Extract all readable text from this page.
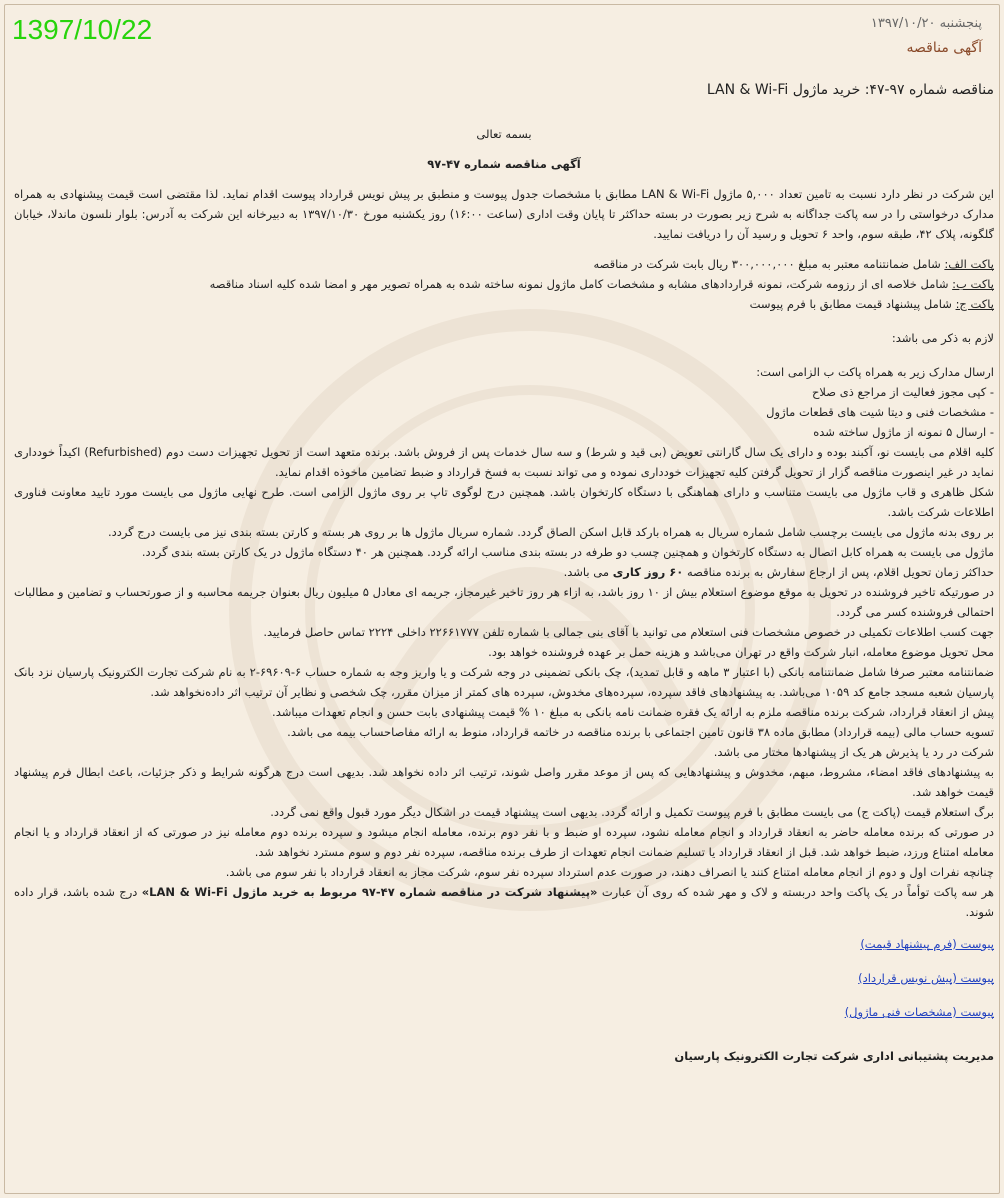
1397/10/22	پنجشنبه ۱۳۹۷/۱۰/۲۰
آگهی مناقصه
مناقصه شماره ۹۷-۴۷: خرید ماژول LAN & Wi-Fi

بسمه تعالی

آگهی مناقصه شماره ۴۷-۹۷

این شرکت در نظر دارد نسبت به تامین تعداد ۵,۰۰۰ ماژول LAN & Wi-Fi مطابق با مشخصات جدول پیوست و منطبق بر پیش نویس قرارداد پیوست اقدام نماید. لذا مقتضی است قیمت پیشنهادی به همراه مدارک درخواستی را در سه پاکت جداگانه به شرح زیر بصورت در بسته حداکثر تا پایان وقت اداری (ساعت ۱۶:۰۰) روز یکشنبه مورخ ۱۳۹۷/۱۰/۳۰ به دبیرخانه این شرکت به آدرس: بلوار نلسون ماندلا، خیابان گلگونه، پلاک ۴۲، طبقه سوم، واحد ۶ تحویل و رسید آن را دریافت نمایید.

پاکت الف: شامل ضمانتنامه معتبر به مبلغ ۳۰۰,۰۰۰,۰۰۰ ریال بابت شرکت در مناقصه

پاکت ب: شامل خلاصه ای از رزومه شرکت، نمونه قراردادهای مشابه و مشخصات کامل ماژول نمونه ساخته شده به همراه تصویر مهر و امضا شده کلیه اسناد مناقصه

پاکت ج: شامل پیشنهاد قیمت مطابق با فرم پیوست

لازم به ذکر می باشد:

ارسال مدارک زیر به همراه پاکت ب الزامی است:

- کپی مجوز فعالیت از مراجع ذی صلاح

- مشخصات فنی و دیتا شیت های قطعات ماژول

- ارسال ۵ نمونه از ماژول ساخته شده

کلیه اقلام می بایست نو، آکبند بوده و دارای یک سال گارانتی تعویض (بی قید و شرط) و سه سال خدمات پس از فروش باشد. برنده متعهد است از تحویل تجهیزات دست دوم (Refurbished) اکیداً خودداری نماید در غیر اینصورت مناقصه گزار از تحویل گرفتن کلیه تجهیزات خودداری نموده و می تواند نسبت به فسخ قرارداد و ضبط تضامین ماخوذه اقدام نماید.

شکل ظاهری و قاب ماژول می بایست متناسب و دارای هماهنگی با دستگاه کارتخوان باشد. همچنین درج لوگوی تاپ بر روی ماژول الزامی است. طرح نهایی ماژول می بایست مورد تایید معاونت فناوری اطلاعات شرکت باشد.

بر روی بدنه ماژول می بایست برچسب شامل شماره سریال به همراه بارکد قابل اسکن الصاق گردد. شماره سریال ماژول ها بر روی هر بسته و کارتن بسته بندی نیز می بایست درج گردد.

ماژول می بایست به همراه کابل اتصال به دستگاه کارتخوان و همچنین چسب دو طرفه در بسته بندی مناسب ارائه گردد. همچنین هر ۴۰ دستگاه ماژول در یک کارتن بسته بندی گردد.

حداکثر زمان تحویل اقلام، پس از ارجاع سفارش به برنده مناقصه ۶۰ روز کاری می باشد.

در صورتیکه تاخیر فروشنده در تحویل به موقع موضوع استعلام بیش از ۱۰ روز باشد، به ازاء هر روز تاخیر غیرمجاز، جریمه ای معادل ۵ میلیون ریال بعنوان جریمه محاسبه و از صورتحساب و تضامین و مطالبات احتمالی فروشنده کسر می گردد.

جهت کسب اطلاعات تکمیلی در خصوص مشخصات فنی استعلام می توانید با آقای بنی جمالی با شماره تلفن ۲۲۶۶۱۷۷۷ داخلی ۲۲۲۴ تماس حاصل فرمایید.

محل تحویل موضوع معامله، انبار شرکت واقع در تهران می‌باشد و هزینه حمل بر عهده فروشنده خواهد بود.

ضمانتنامه معتبر صرفا شامل ضمانتنامه بانکی (با اعتبار ۳ ماهه و قابل تمدید)، چک بانکی تضمینی در وجه شرکت و یا واریز وجه به شماره حساب ۶-۶۹۶۰۹-۲ به نام شرکت تجارت الکترونیک پارسیان نزد بانک پارسیان شعبه مسجد جامع کد ۱۰۵۹ می‌باشد. به پیشنهادهای فاقد سپرده، سپرده‌های مخدوش، سپرده های کمتر از میزان مقرر، چک شخصی و نظایر آن ترتیب اثر داده‌نخواهد شد.

پیش از انعقاد قرارداد، شرکت برنده مناقصه ملزم به ارائه یک فقره ضمانت نامه بانکی به مبلغ ۱۰ % قیمت پیشنهادی بابت حسن و انجام تعهدات میباشد.

تسویه حساب مالی (بیمه قرارداد) مطابق ماده ۳۸ قانون تامین اجتماعی با برنده مناقصه در خاتمه قرارداد، منوط به ارائه مفاصاحساب بیمه می باشد.

شرکت در رد یا پذیرش هر یک از پیشنهادها مختار می باشد.

به پیشنهادهای فاقد امضاء، مشروط، مبهم، مخدوش و پیشنهادهایی که پس از موعد مقرر واصل شوند، ترتیب اثر داده نخواهد شد. بدیهی است درج هرگونه شرایط و ذکر جزئیات، باعث ابطال فرم پیشنهاد قیمت خواهد شد.

برگ استعلام قیمت (پاکت ج) می بایست مطابق با فرم پیوست تکمیل و ارائه گردد. بدیهی است پیشنهاد قیمت در اشکال دیگر مورد قبول واقع نمی گردد.

در صورتی که برنده معامله حاضر به انعقاد قرارداد و انجام معامله نشود، سپرده او ضبط و با نفر دوم برنده، معامله انجام میشود و سپرده برنده دوم معامله نیز در صورتی که از انعقاد قرارداد و یا انجام معامله امتناع ورزد، ضبط خواهد شد. قبل از انعقاد قرارداد یا تسلیم ضمانت انجام تعهدات از طرف برنده مناقصه، سپرده نفر دوم و سوم مسترد نخواهد شد.

چنانچه نفرات اول و دوم از انجام معامله امتناع کنند یا انصراف دهند، در صورت عدم استرداد سپرده نفر سوم، شرکت مجاز به انعقاد قرارداد با نفر سوم می باشد.

هر سه پاکت توأماً در یک پاکت واحد دربسته و لاک و مهر شده که روی آن عبارت «پیشنهاد شرکت در مناقصه شماره ۴۷-۹۷ مربوط به خرید ماژول LAN & Wi-Fi» درج شده باشد، قرار داده شوند.

پیوست (فرم پیشنهاد قیمت)

پیوست (پیش نویس قرارداد)

پیوست (مشخصات فنی ماژول)

مدیریت پشتیبانی اداری شرکت تجارت الکترونیک پارسیان
